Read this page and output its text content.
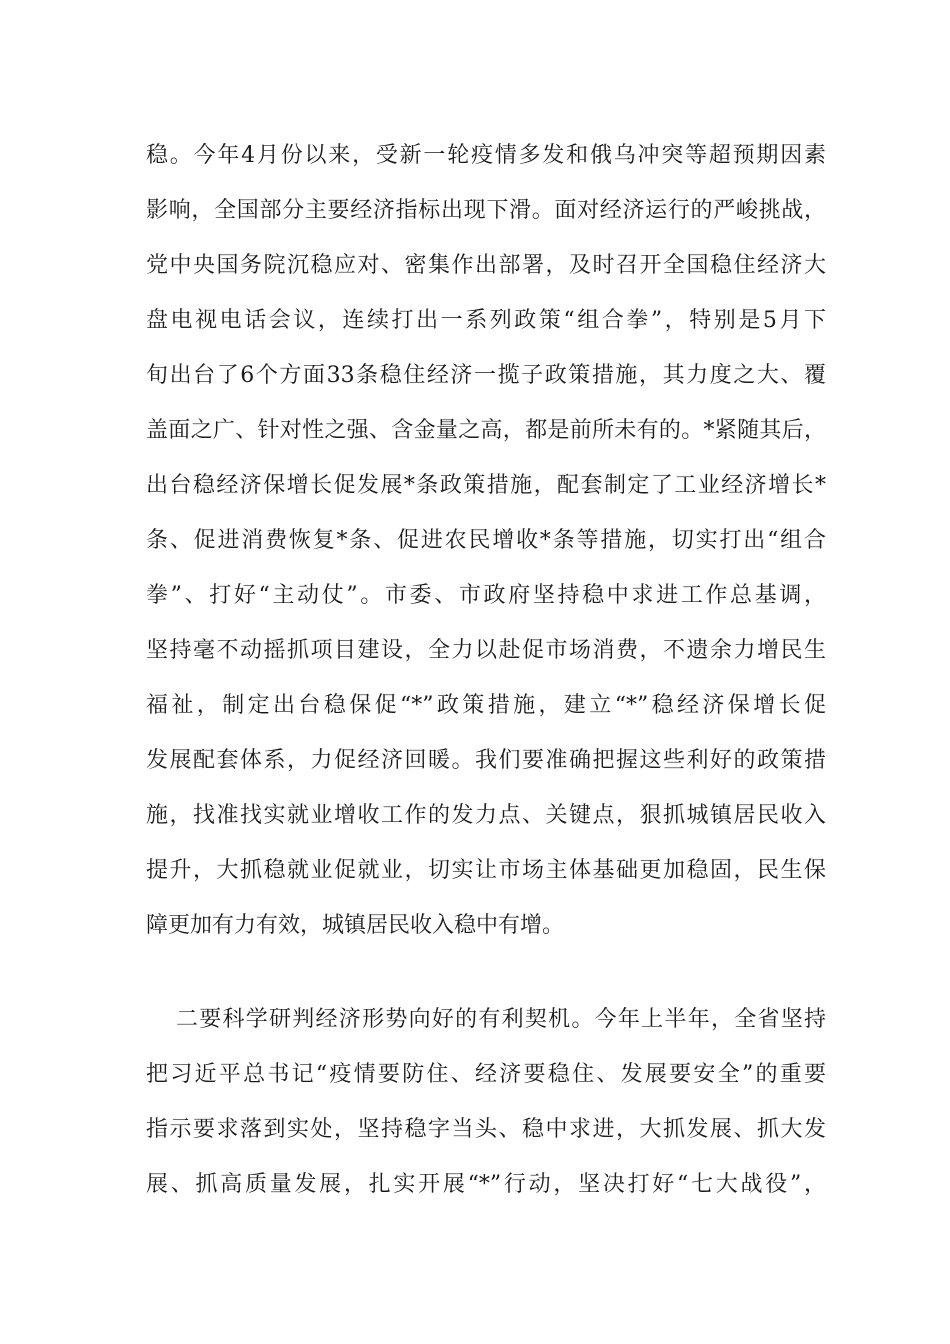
稳。今年4月份以来，受新一轮疫情多发和俄乌冲突等超预期因素
影响，全国部分主要经济指标出现下滑。面对经济运行的严峻挑战，
党中央国务院沉稳应对、密集作出部署，及时召开全国稳住经济大
盘电视电话会议，连续打出一系列政策“组合拳”，特别是5月下
旬出台了6个方面33条稳住经济一揽子政策措施，其力度之大、覆
盖面之广、针对性之强、含金量之高，都是前所未有的。*紧随其后，
出台稳经济保增长促发展*条政策措施，配套制定了工业经济增长*
条、促进消费恢复*条、促进农民增收*条等措施，切实打出“组合
拳”、打好“主动仗”。市委、市政府坚持稳中求进工作总基调，
坚持毫不动摇抓项目建设，全力以赴促市场消费，不遗余力增民生
福祉，制定出台稳保促“*”政策措施，建立“*”稳经济保增长促
发展配套体系，力促经济回暖。我们要准确把握这些利好的政策措
施，找准找实就业增收工作的发力点、关键点，狠抓城镇居民收入
提升，大抓稳就业促就业，切实让市场主体基础更加稳固，民生保
障更加有力有效，城镇居民收入稳中有增。
二要科学研判经济形势向好的有利契机。今年上半年，全省坚持
把习近平总书记“疫情要防住、经济要稳住、发展要安全”的重要
指示要求落到实处，坚持稳字当头、稳中求进，大抓发展、抓大发
展、抓高质量发展，扎实开展“*”行动，坚决打好“七大战役”，
